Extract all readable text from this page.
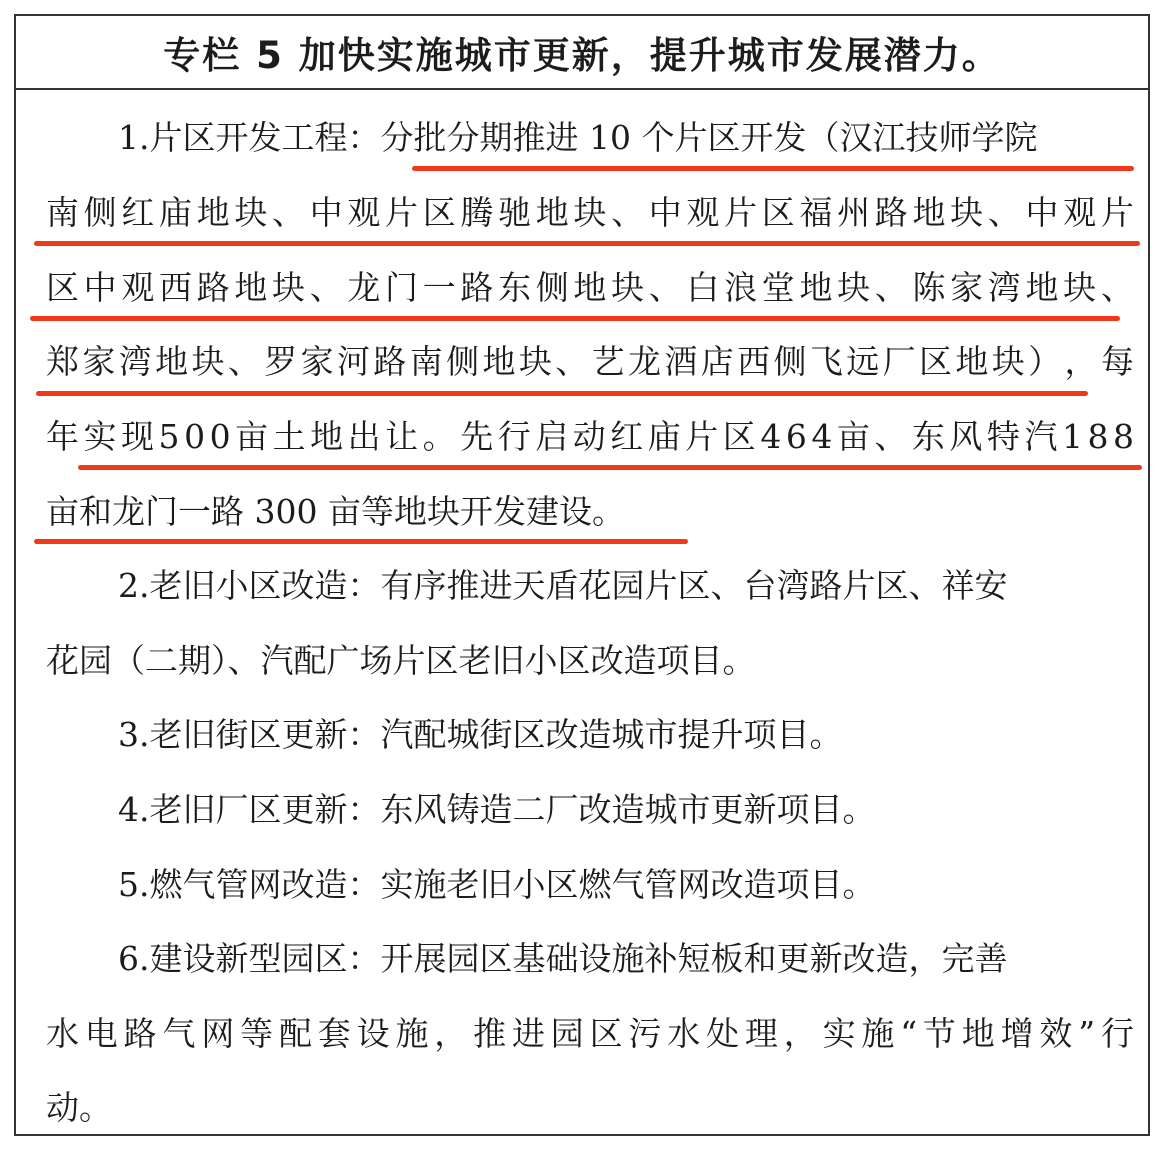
专栏 5 加快实施城市更新，提升城市发展潜力。
1.片区开发工程：分批分期推进 10 个片区开发（汉江技师学院
南 侧 红 庙 地 块 、 中 观 片 区 腾 驰 地 块 、 中 观 片 区 福 州 路 地 块 、 中 观 片
区 中 观 西 路 地 块 、 龙 门 一 路 东 侧 地 块 、 白 浪 堂 地 块 、 陈 家 湾 地 块 、
郑 家 湾 地 块 、 罗 家 河 路 南 侧 地 块 、 艺 龙 酒 店 西 侧 飞 远 厂 区 地 块 ） ， 每
年 实 现 5 0 0 亩 土 地 出 让 。 先 行 启 动 红 庙 片 区 4 6 4 亩 、 东 风 特 汽 1 8 8
亩和龙门一路 300 亩等地块开发建设。
2.老旧小区改造：有序推进天盾花园片区、台湾路片区、祥安
花园（二期）、汽配广场片区老旧小区改造项目。
3.老旧街区更新：汽配城街区改造城市提升项目。
4.老旧厂区更新：东风铸造二厂改造城市更新项目。
5.燃气管网改造：实施老旧小区燃气管网改造项目。
6.建设新型园区：开展园区基础设施补短板和更新改造，完善
水 电 路 气 网 等 配 套 设 施 ， 推 进 园 区 污 水 处 理 ， 实 施 “ 节 地 增 效 ” 行
动。
